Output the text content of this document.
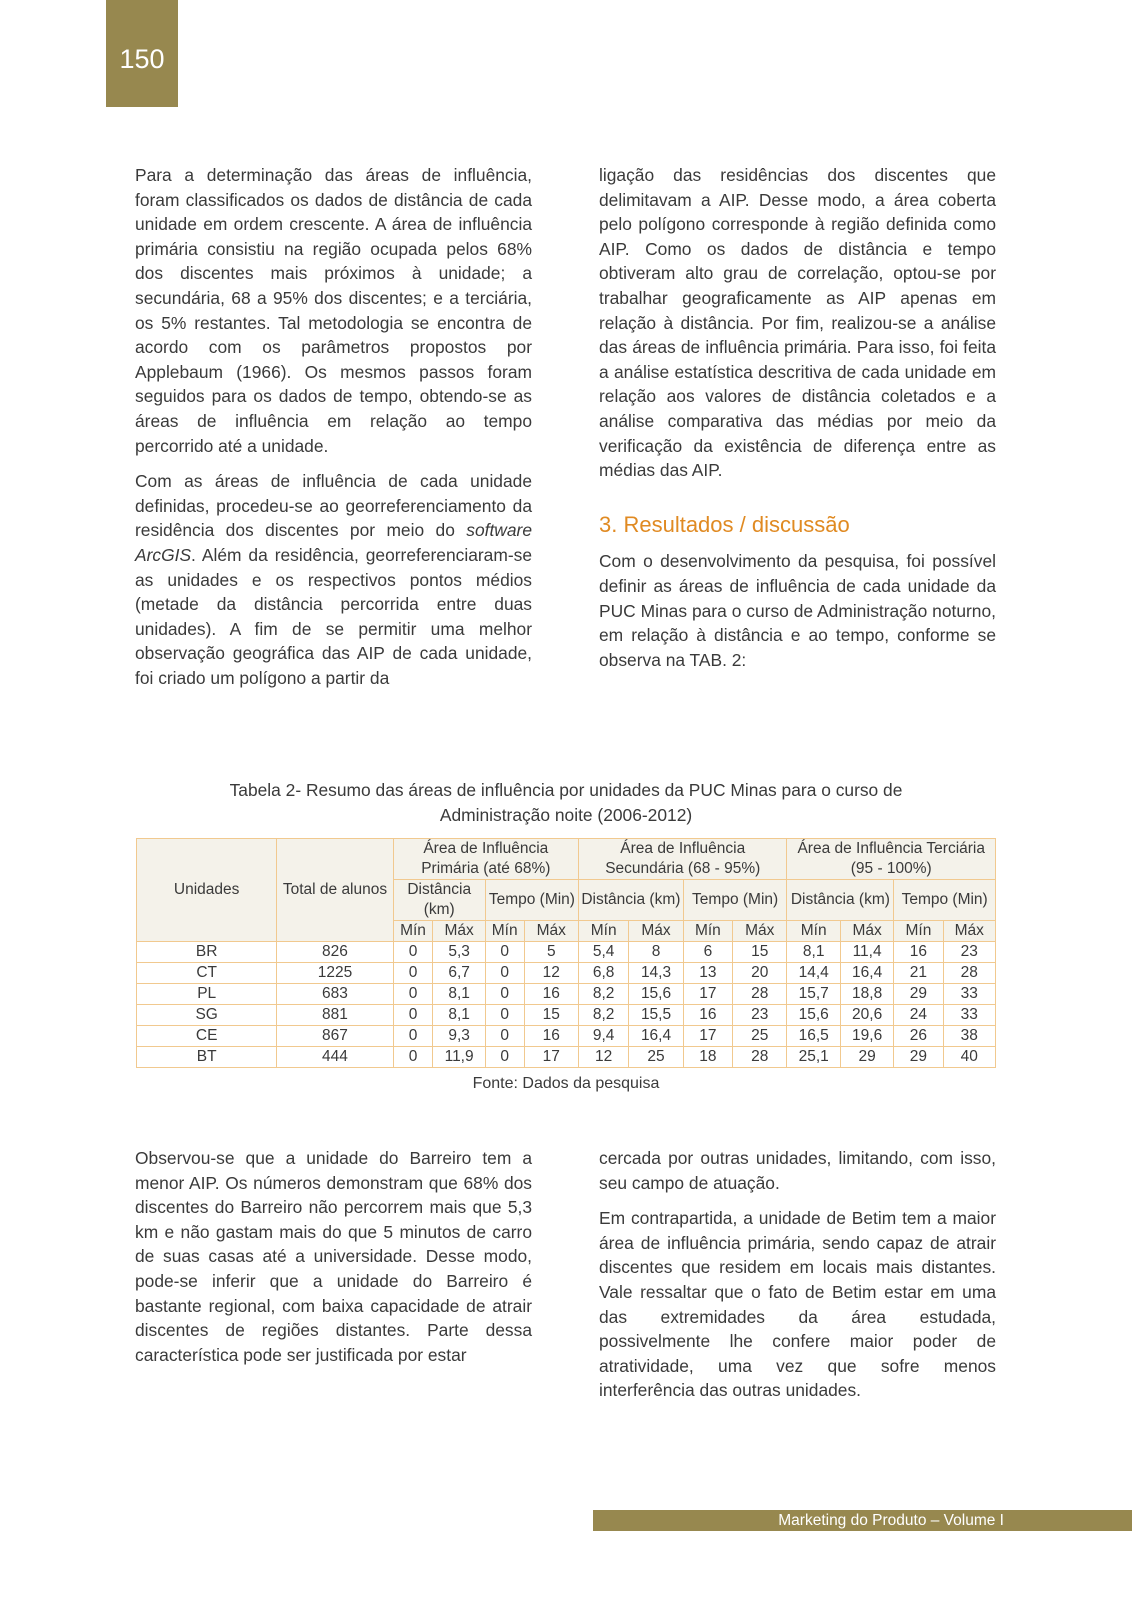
150

Para a determinação das áreas de influência, foram classificados os dados de distância de cada unidade em ordem crescente. A área de influência primária consistiu na região ocupada pelos 68% dos discentes mais próximos à unidade; a secundária, 68 a 95% dos discentes; e a terciária, os 5% restantes. Tal metodologia se encontra de acordo com os parâmetros propostos por Applebaum (1966). Os mesmos passos foram seguidos para os dados de tempo, obtendo-se as áreas de influência em relação ao tempo percorrido até a unidade.

Com as áreas de influência de cada unidade definidas, procedeu-se ao georreferenciamento da residência dos discentes por meio do software ArcGIS. Além da residência, georreferenciaram-se as unidades e os respectivos pontos médios (metade da distância percorrida entre duas unidades). A fim de se permitir uma melhor observação geográfica das AIP de cada unidade, foi criado um polígono a partir da

ligação das residências dos discentes que delimitavam a AIP. Desse modo, a área coberta pelo polígono corresponde à região definida como AIP. Como os dados de distância e tempo obtiveram alto grau de correlação, optou-se por trabalhar geograficamente as AIP apenas em relação à distância. Por fim, realizou-se a análise das áreas de influência primária. Para isso, foi feita a análise estatística descritiva de cada unidade em relação aos valores de distância coletados e a análise comparativa das médias por meio da verificação da existência de diferença entre as médias das AIP.

3. Resultados / discussão

Com o desenvolvimento da pesquisa, foi possível definir as áreas de influência de cada unidade da PUC Minas para o curso de Administração noturno, em relação à distância e ao tempo, conforme se observa na TAB. 2:

Tabela 2- Resumo das áreas de influência por unidades da PUC Minas para o curso de
Administração noite (2006-2012)
Unidades	Total de alunos	Área de Influência Primária (até 68%)				Área de Influência Secundária (68 - 95%)				Área de Influência Terciária (95 - 100%)			
		Distância (km)		Tempo (Min)		Distância (km)		Tempo (Min)		Distância (km)		Tempo (Min)	
		Mín	Máx	Mín	Máx	Mín	Máx	Mín	Máx	Mín	Máx	Mín	Máx
BR	826	0	5,3	0	5	5,4	8	6	15	8,1	11,4	16	23
CT	1225	0	6,7	0	12	6,8	14,3	13	20	14,4	16,4	21	28
PL	683	0	8,1	0	16	8,2	15,6	17	28	15,7	18,8	29	33
SG	881	0	8,1	0	15	8,2	15,5	16	23	15,6	20,6	24	33
CE	867	0	9,3	0	16	9,4	16,4	17	25	16,5	19,6	26	38
BT	444	0	11,9	0	17	12	25	18	28	25,1	29	29	40
Fonte: Dados da pesquisa

Observou-se que a unidade do Barreiro tem a menor AIP. Os números demonstram que 68% dos discentes do Barreiro não percorrem mais que 5,3 km e não gastam mais do que 5 minutos de carro de suas casas até a universidade. Desse modo, pode-se inferir que a unidade do Barreiro é bastante regional, com baixa capacidade de atrair discentes de regiões distantes. Parte dessa característica pode ser justificada por estar

cercada por outras unidades, limitando, com isso, seu campo de atuação.

Em contrapartida, a unidade de Betim tem a maior área de influência primária, sendo capaz de atrair discentes que residem em locais mais distantes. Vale ressaltar que o fato de Betim estar em uma das extremidades da área estudada, possivelmente lhe confere maior poder de atratividade, uma vez que sofre menos interferência das outras unidades.

Marketing do Produto – Volume I
